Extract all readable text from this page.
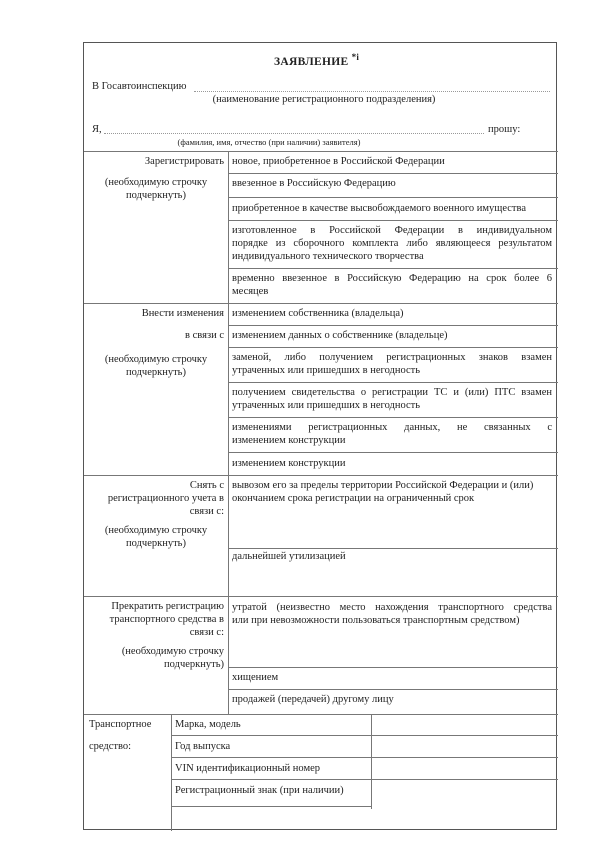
ЗАЯВЛЕНИЕ $^{*i}$
В Госавтоинспекцию
(наименование регистрационного подразделения)
Я,	прошу:
(фамилия, имя, отчество (при наличии) заявителя)
Зарегистрировать
(необходимую строчку
подчеркнуть)
новое, приобретенное в Российской Федерации
ввезенное в Российскую Федерацию
приобретенное в качестве высвобождаемого военного имущества
изготовленное в Российской Федерации в индивидуальном
порядке из сборочного комплекта либо являющееся результатом
индивидуального технического творчества
временно ввезенное в Российскую Федерацию на срок более 6
месяцев
Внести изменения
в связи с
(необходимую строчку
подчеркнуть)
изменением собственника (владельца)
изменением данных о собственнике (владельце)
заменой, либо получением регистрационных знаков взамен
утраченных или пришедших в негодность
получением свидетельства о регистрации ТС и (или) ПТС взамен
утраченных или пришедших в негодность
изменениями регистрационных данных, не связанных с
изменением конструкции
изменением конструкции
Снять с
регистрационного учета в
связи с:
(необходимую строчку
подчеркнуть)
вывозом его за пределы территории Российской Федерации и (или)
окончанием срока регистрации на ограниченный срок
дальнейшей утилизацией
Прекратить регистрацию
транспортного средства в
связи с:
(необходимую строчку
подчеркнуть)
утратой (неизвестно место нахождения транспортного средства
или при невозможности пользоваться транспортным средством)
хищением
продажей (передачей) другому лицу
Транспортное
средство:
Марка, модель
Год выпуска
VIN идентификационный номер
Регистрационный знак (при наличии)
